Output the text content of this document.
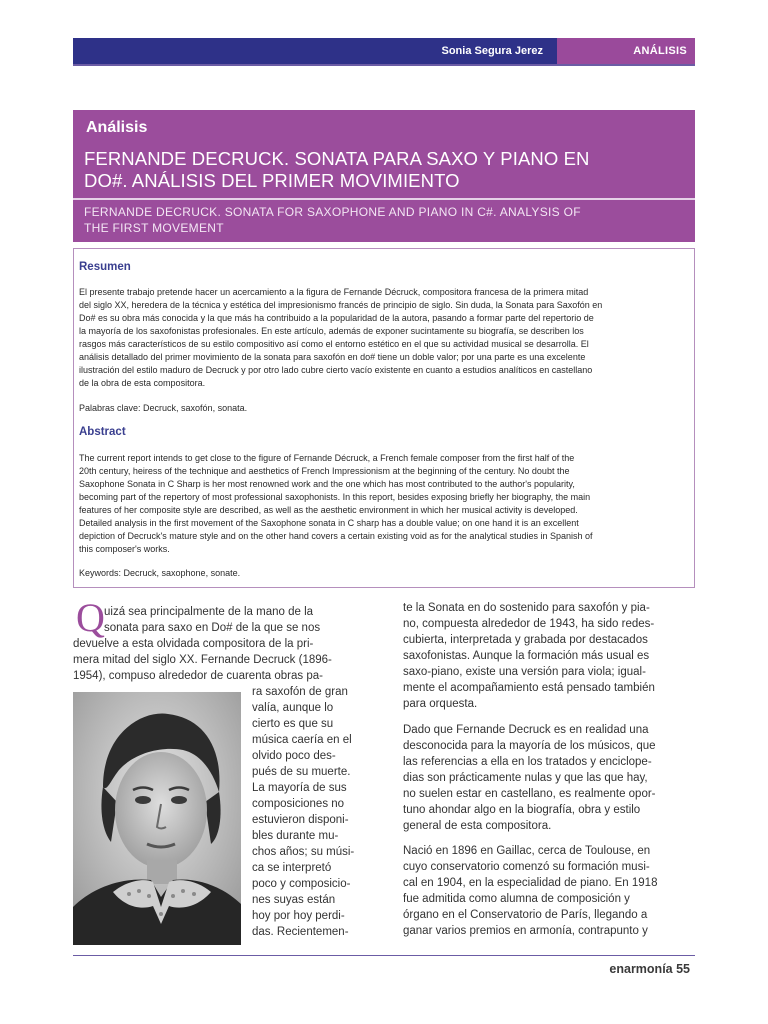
Sonia Segura Jerez	ANÁLISIS
Análisis
FERNANDE DECRUCK. SONATA PARA SAXO Y PIANO EN
DO#. ANÁLISIS DEL PRIMER MOVIMIENTO
FERNANDE DECRUCK. SONATA FOR SAXOPHONE AND PIANO IN C#. ANALYSIS OF
THE FIRST MOVEMENT
Resumen
El presente trabajo pretende hacer un acercamiento a la figura de Fernande Décruck, compositora francesa de la primera mitad
del siglo XX, heredera de la técnica y estética del impresionismo francés de principio de siglo. Sin duda, la Sonata para Saxofón en
Do# es su obra más conocida y la que más ha contribuido a la popularidad de la autora, pasando a formar parte del repertorio de
la mayoría de los saxofonistas profesionales. En este artículo, además de exponer sucintamente su biografía, se describen los
rasgos más característicos de su estilo compositivo así como el entorno estético en el que su actividad musical se desarrolla. El
análisis detallado del primer movimiento de la sonata para saxofón en do# tiene un doble valor; por una parte es una excelente
ilustración del estilo maduro de Decruck y por otro lado cubre cierto vacío existente en cuanto a estudios analíticos en castellano
de la obra de esta compositora.
Palabras clave: Decruck, saxofón, sonata.
Abstract
The current report intends to get close to the figure of Fernande Décruck, a French female composer from the first half of the
20th century, heiress of the technique and aesthetics of French Impressionism at the beginning of the century. No doubt the
Saxophone Sonata in C Sharp is her most renowned work and the one which has most contributed to the author's popularity,
becoming part of the repertory of most professional saxophonists. In this report, besides exposing briefly her biography, the main
features of her composite style are described, as well as the aesthetic environment in which her musical activity is developed.
Detailed analysis in the first movement of the Saxophone sonata in C sharp has a double value; on one hand it is an excellent
depiction of Decruck's mature style and on the other hand covers a certain existing void as for the analytical studies in Spanish of
this composer's works.
Keywords: Decruck, saxophone, sonate.
Q uizá sea principalmente de la mano de la
sonata para saxo en Do# de la que se nos
devuelve a esta olvidada compositora de la pri-
mera mitad del siglo XX. Fernande Decruck (1896-
1954), compuso alrededor de cuarenta obras pa-
ra saxofón de gran
valía, aunque lo
cierto es que su
música caería en el
olvido poco des-
pués de su muerte.
La mayoría de sus
composiciones no
estuvieron disponi-
bles durante mu-
chos años; su músi-
ca se interpretó
poco y composicio-
nes suyas están
hoy por hoy perdi-
das. Recientemen-
te la Sonata en do sostenido para saxofón y pia-
no, compuesta alrededor de 1943, ha sido redes-
cubierta, interpretada y grabada por destacados
saxofonistas. Aunque la formación más usual es
saxo-piano, existe una versión para viola; igual-
mente el acompañamiento está pensado también
para orquesta.
Dado que Fernande Decruck es en realidad una
desconocida para la mayoría de los músicos, que
las referencias a ella en los tratados y enciclope-
dias son prácticamente nulas y que las que hay,
no suelen estar en castellano, es realmente opor-
tuno ahondar algo en la biografía, obra y estilo
general de esta compositora.
Nació en 1896 en Gaillac, cerca de Toulouse, en
cuyo conservatorio comenzó su formación musi-
cal en 1904, en la especialidad de piano. En 1918
fue admitida como alumna de composición y
órgano en el Conservatorio de París, llegando a
ganar varios premios en armonía, contrapunto y
enarmonía 55
